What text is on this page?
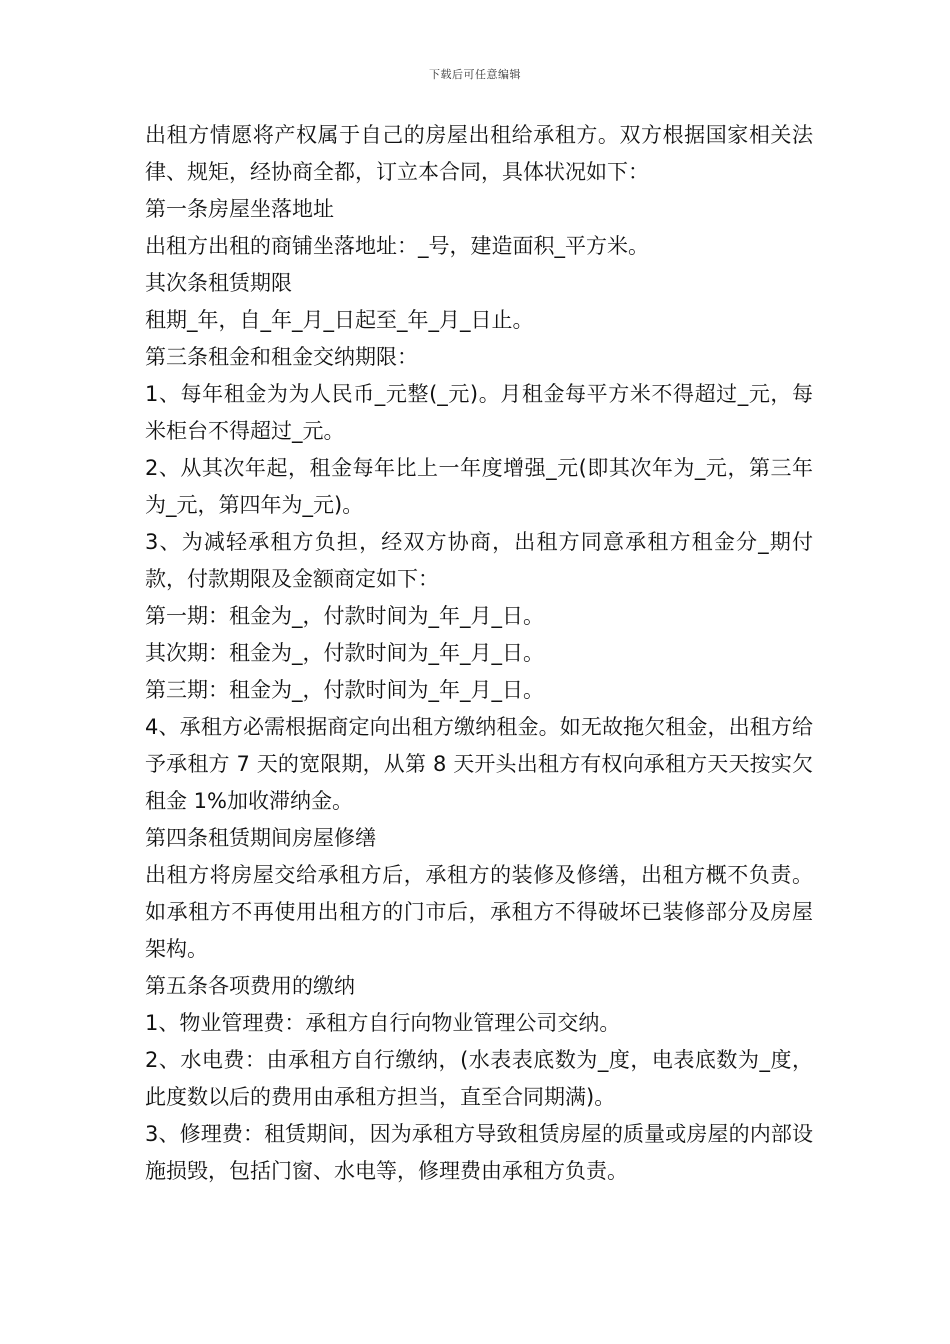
下载后可任意编辑

出租方情愿将产权属于自己的房屋出租给承租方。双方根据国家相关法律、规矩，经协商全都，订立本合同，具体状况如下：

第一条房屋坐落地址

出租方出租的商铺坐落地址：_号，建造面积_平方米。

其次条租赁期限

租期_年，自_年_月_日起至_年_月_日止。

第三条租金和租金交纳期限：

1、每年租金为为人民币_元整(_元)。月租金每平方米不得超过_元，每米柜台不得超过_元。

2、从其次年起，租金每年比上一年度增强_元(即其次年为_元，第三年为_元，第四年为_元)。

3、为减轻承租方负担，经双方协商，出租方同意承租方租金分_期付款，付款期限及金额商定如下：

第一期：租金为_，付款时间为_年_月_日。

其次期：租金为_，付款时间为_年_月_日。

第三期：租金为_，付款时间为_年_月_日。

4、承租方必需根据商定向出租方缴纳租金。如无故拖欠租金，出租方给予承租方 7 天的宽限期，从第 8 天开头出租方有权向承租方天天按实欠租金 1%加收滞纳金。

第四条租赁期间房屋修缮

出租方将房屋交给承租方后，承租方的装修及修缮，出租方概不负责。如承租方不再使用出租方的门市后，承租方不得破坏已装修部分及房屋架构。

第五条各项费用的缴纳

1、物业管理费：承租方自行向物业管理公司交纳。

2、水电费：由承租方自行缴纳，(水表表底数为_度，电表底数为_度，此度数以后的费用由承租方担当，直至合同期满)。

3、修理费：租赁期间，因为承租方导致租赁房屋的质量或房屋的内部设施损毁，包括门窗、水电等，修理费由承租方负责。
